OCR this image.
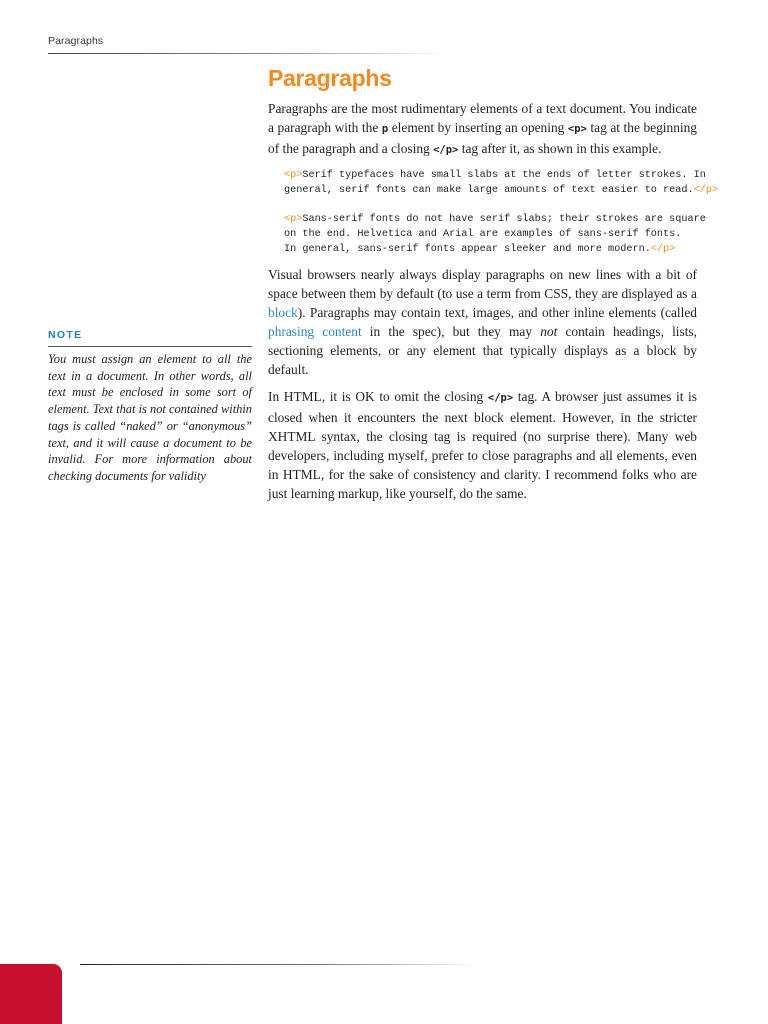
Paragraphs
Paragraphs

Paragraphs are the most rudimentary elements of a text document. You indicate a paragraph with the p element by inserting an opening <p> tag at the beginning of the paragraph and a closing </p> tag after it, as shown in this example.

<p>Serif typefaces have small slabs at the ends of letter strokes. In
general, serif fonts can make large amounts of text easier to read.</p>
<p>Sans-serif fonts do not have serif slabs; their strokes are square
on the end. Helvetica and Arial are examples of sans-serif fonts.
In general, sans-serif fonts appear sleeker and more modern.</p>

Visual browsers nearly always display paragraphs on new lines with a bit of space between them by default (to use a term from CSS, they are displayed as a block). Paragraphs may contain text, images, and other inline elements (called phrasing content in the spec), but they may not contain headings, lists, sectioning elements, or any element that typically displays as a block by default.

In HTML, it is OK to omit the closing </p> tag. A browser just assumes it is closed when it encounters the next block element. However, in the stricter XHTML syntax, the closing tag is required (no surprise there). Many web developers, including myself, prefer to close paragraphs and all elements, even in HTML, for the sake of consistency and clarity. I recommend folks who are just learning markup, like yourself, do the same.

NOTE

You must assign an element to all the text in a document. In other words, all text must be enclosed in some sort of element. Text that is not contained within tags is called “naked” or “anonymous” text, and it will cause a document to be invalid. For more information about checking documents for validity
